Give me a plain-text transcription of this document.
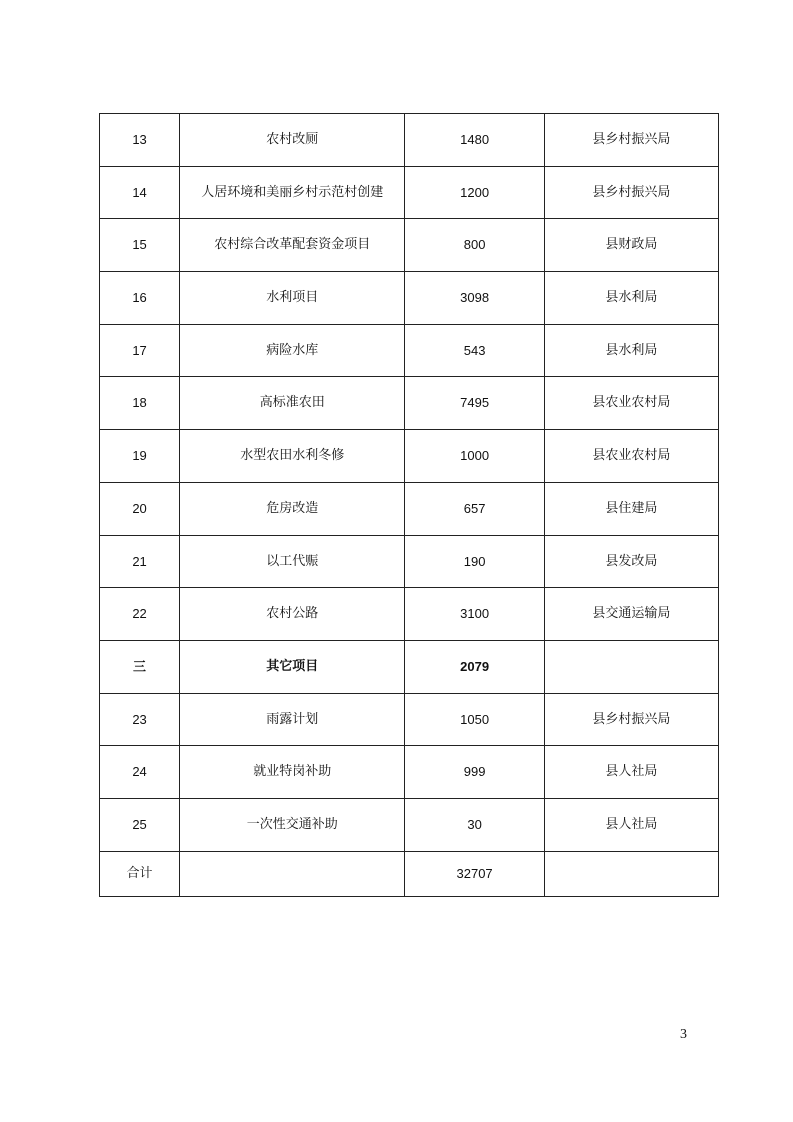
13	农村改厕	1480	县乡村振兴局
14	人居环境和美丽乡村示范村创建	1200	县乡村振兴局
15	农村综合改革配套资金项目	800	县财政局
16	水利项目	3098	县水利局
17	病险水库	543	县水利局
18	高标准农田	7495	县农业农村局
19	水型农田水利冬修	1000	县农业农村局
20	危房改造	657	县住建局
21	以工代赈	190	县发改局
22	农村公路	3100	县交通运输局
三	其它项目	2079	
23	雨露计划	1050	县乡村振兴局
24	就业特岗补助	999	县人社局
25	一次性交通补助	30	县人社局
合计		32707	
3
